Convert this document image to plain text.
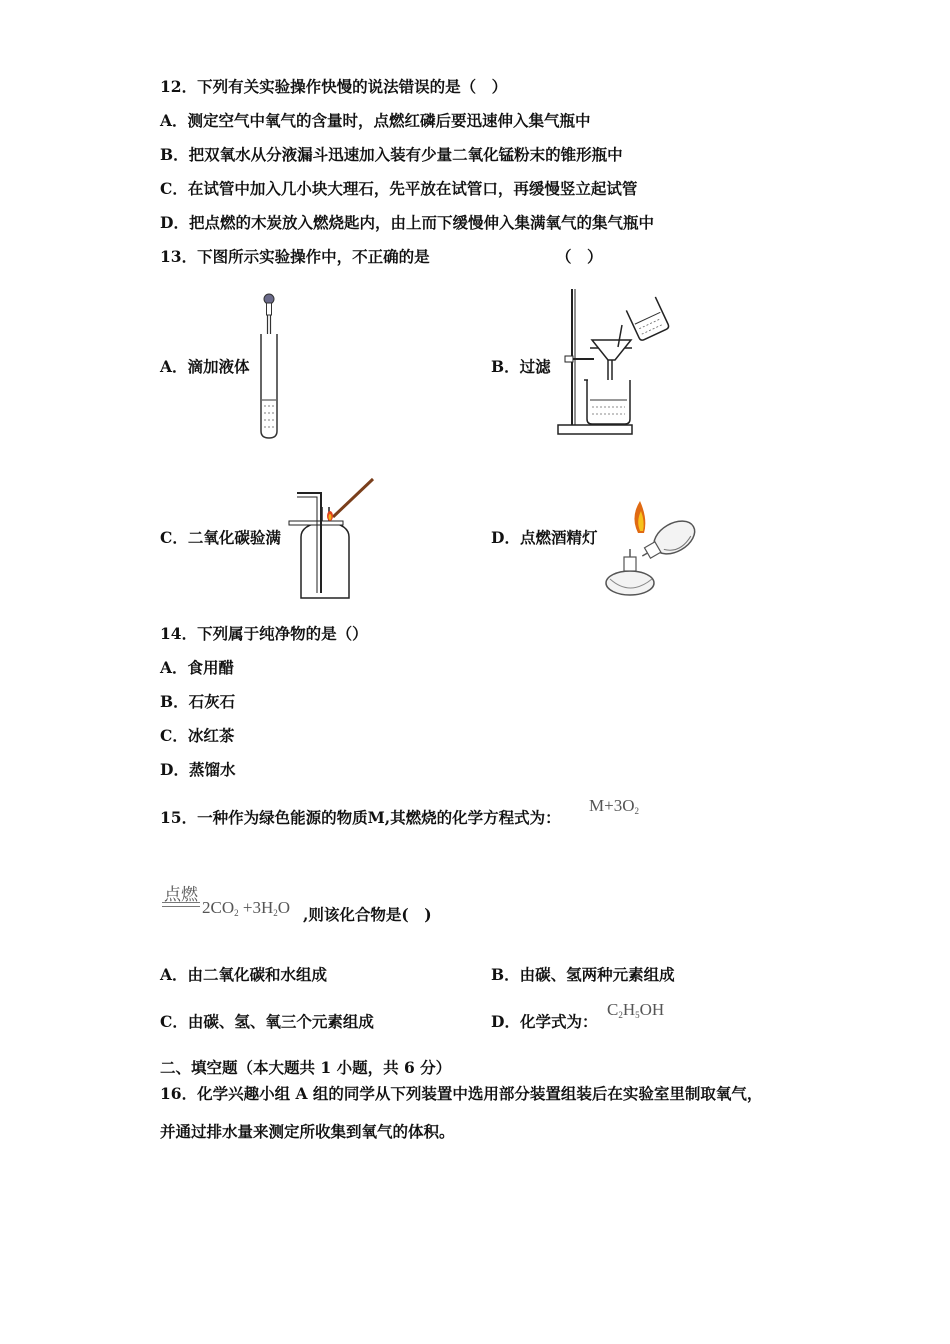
12．下列有关实验操作快慢的说法错误的是（　）
A．测定空气中氧气的含量时，点燃红磷后要迅速伸入集气瓶中
B．把双氧水从分液漏斗迅速加入装有少量二氧化锰粉末的锥形瓶中
C．在试管中加入几小块大理石，先平放在试管口，再缓慢竖立起试管
D．把点燃的木炭放入燃烧匙内，由上而下缓慢伸入集满氧气的集气瓶中
13．下图所示实验操作中，不正确的是	（　）
A．滴加液体	B．过滤
C．二氧化碳验满	D．点燃酒精灯
14．下列属于纯净物的是（）
A．食用醋
B．石灰石
C．冰红茶
D．蒸馏水
15．一种作为绿色能源的物质M,其燃烧的化学方程式为：
$M+3O_2$
点燃
$2CO_2 +3H_2O$ ,则该化合物是(　)
A．由二氧化碳和水组成	B．由碳、氢两种元素组成
C．由碳、氢、氧三个元素组成	D．化学式为：
$C_2H_5OH$
二、填空题（本大题共 1 小题，共 6 分）
16．化学兴趣小组 A 组的同学从下列装置中选用部分装置组装后在实验室里制取氧气，
并通过排水量来测定所收集到氧气的体积。
